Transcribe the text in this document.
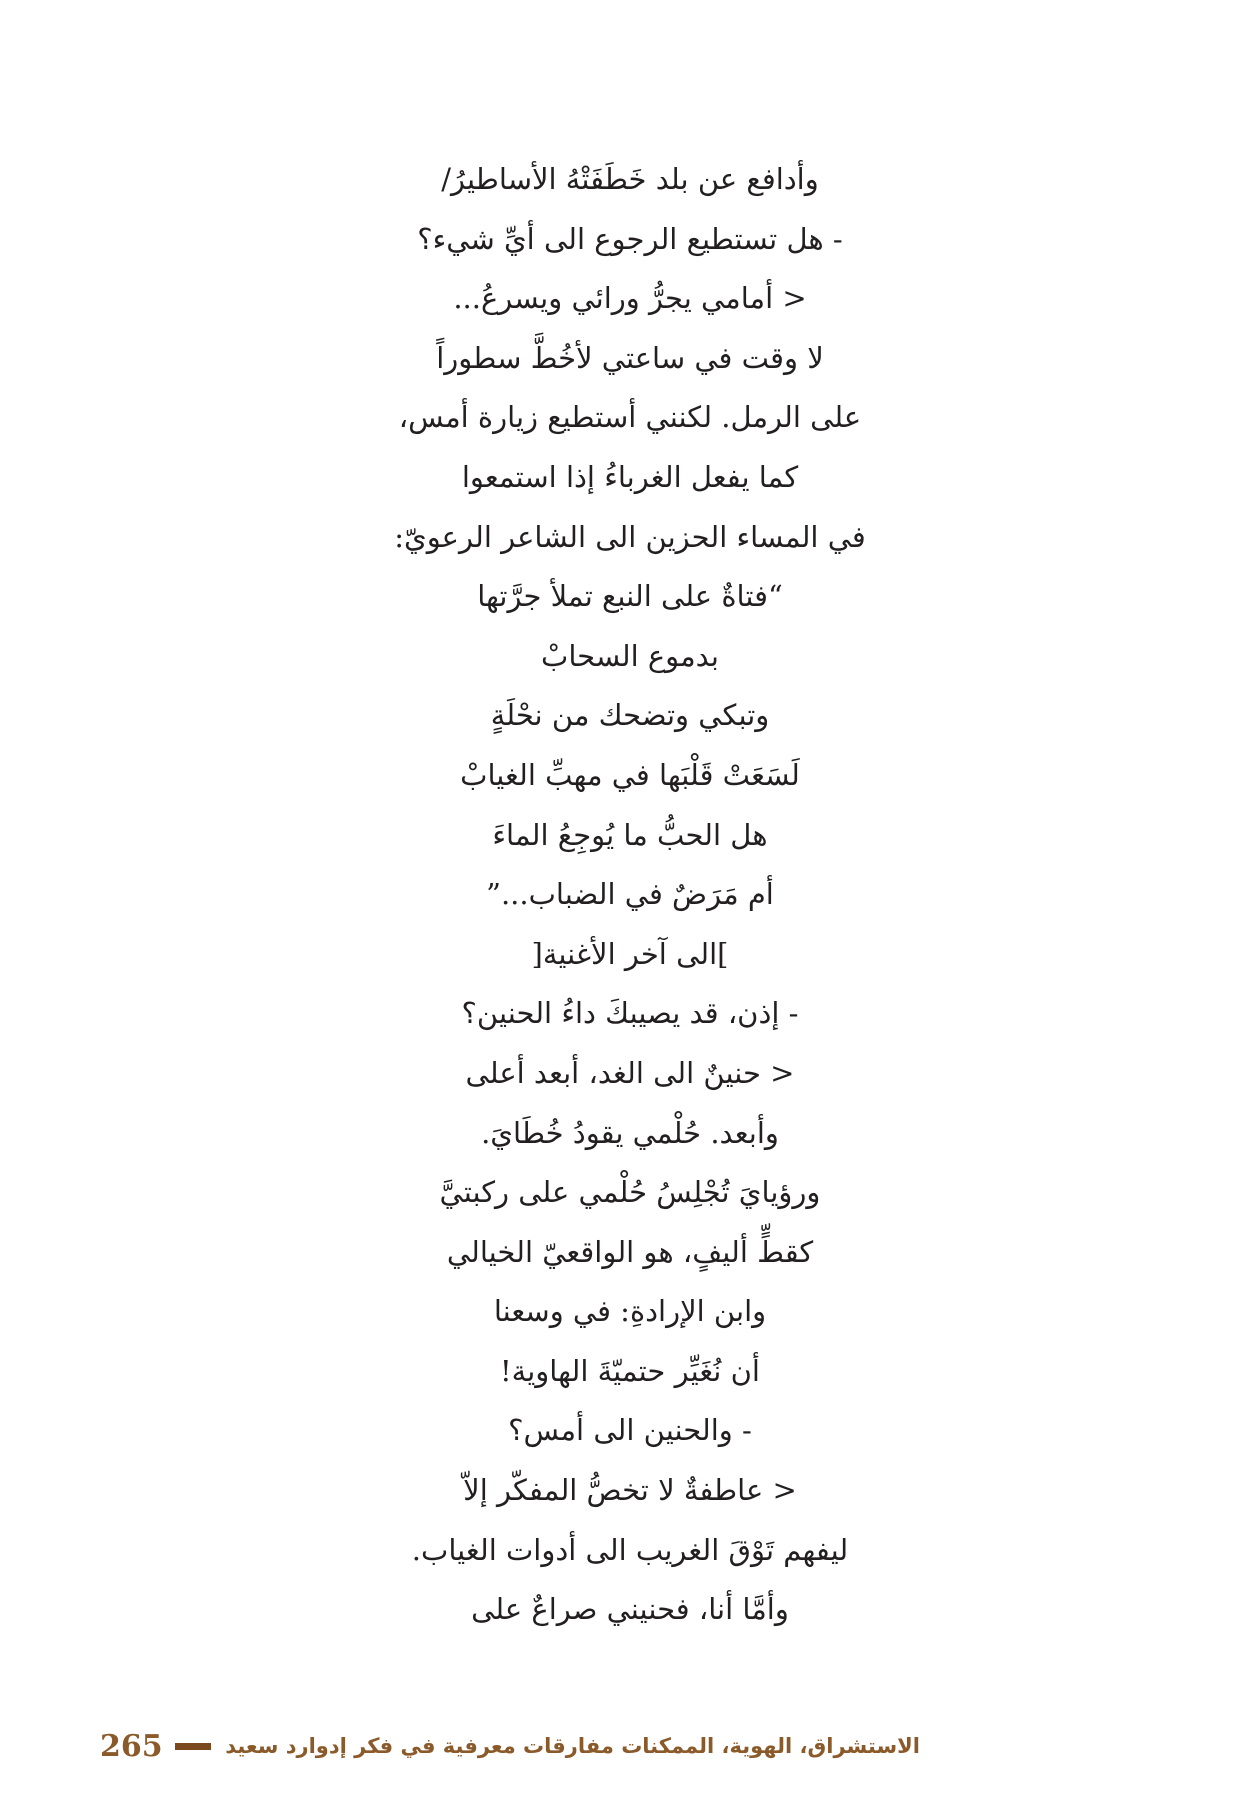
وأدافع عن بلد خَطَفَتْهُ الأساطيرُ/
- هل تستطيع الرجوع الى أيِّ شيء؟
< أمامي يجرُّ ورائي ويسرعُ...
لا وقت في ساعتي لأخُطَّ سطوراً
على الرمل. لكنني أستطيع زيارة أمس،
كما يفعل الغرباءُ إذا استمعوا
في المساء الحزين الى الشاعر الرعويّ:
“فتاةٌ على النبع تملأ جرَّتها
بدموع السحابْ
وتبكي وتضحك من نحْلَةٍ
لَسَعَتْ قَلْبَها في مهبِّ الغيابْ
هل الحبُّ ما يُوجِعُ الماءَ
أم مَرَضٌ في الضباب...”
]الى آخر الأغنية[
- إذن، قد يصيبكَ داءُ الحنين؟
< حنينٌ الى الغد، أبعد أعلى
وأبعد. حُلْمي يقودُ خُطَايَ.
ورؤيايَ تُجْلِسُ حُلْمي على ركبتيَّ
كقطٍّ أليفٍ، هو الواقعيّ الخيالي
وابن الإرادةِ: في وسعنا
أن نُغَيِّر حتميّةَ الهاوية!
- والحنين الى أمس؟
< عاطفةٌ لا تخصُّ المفكّر إلاّ
ليفهم تَوْقَ الغريب الى أدوات الغياب.
وأمَّا أنا، فحنيني صراعٌ على
265	الاستشراق، الهوية، الممكنات مفارقات معرفية في فكر إدوارد سعيد
